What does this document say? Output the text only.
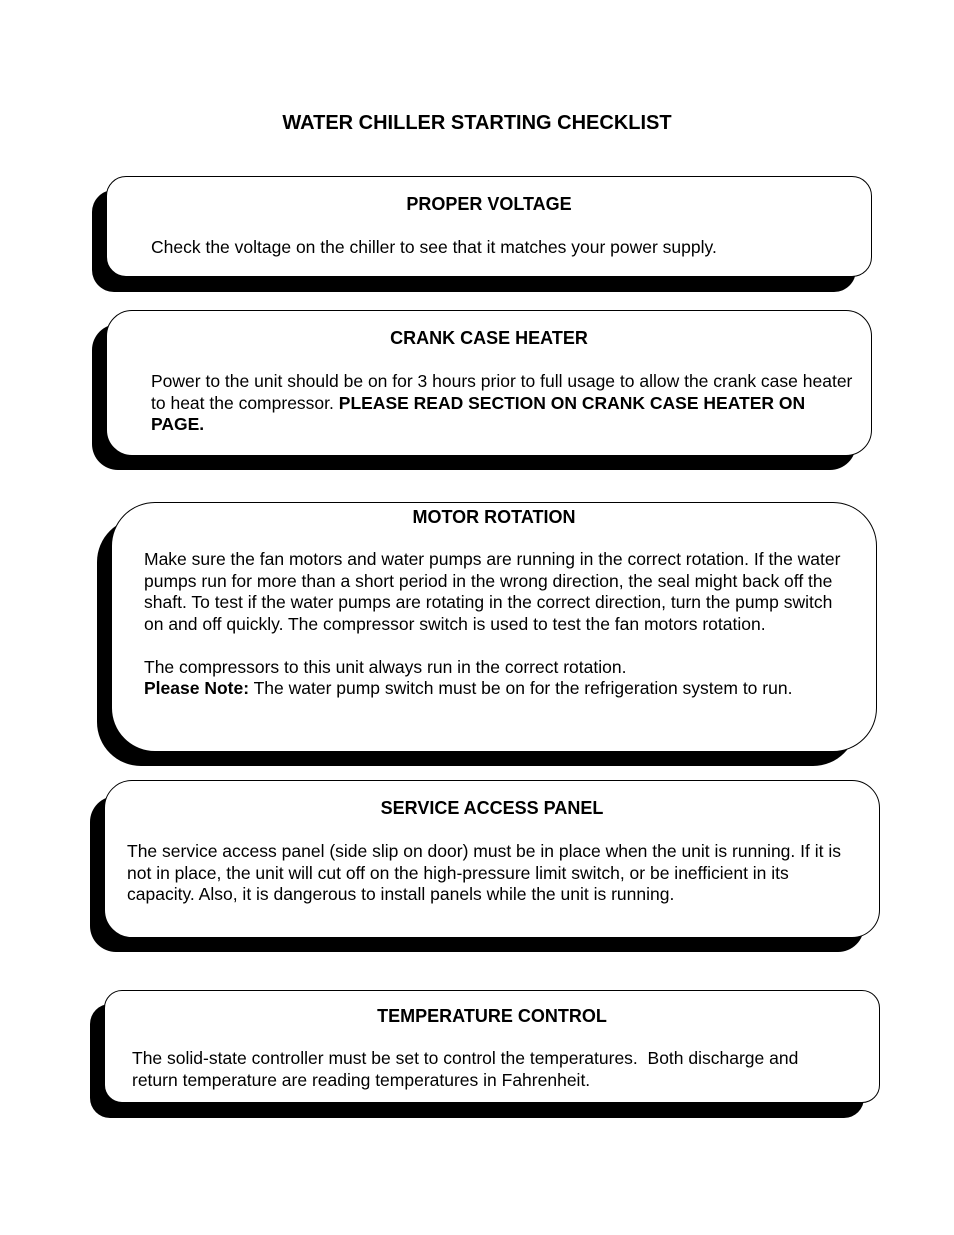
WATER CHILLER STARTING CHECKLIST
PROPER VOLTAGE

Check the voltage on the chiller to see that it matches your power supply.

CRANK CASE HEATER

Power to the unit should be on for 3 hours prior to full usage to allow the crank case heater to heat the compressor. PLEASE READ SECTION ON CRANK CASE HEATER ON PAGE.

MOTOR ROTATION

Make sure the fan motors and water pumps are running in the correct rotation. If the water pumps run for more than a short period in the wrong direction, the seal might back off the shaft. To test if the water pumps are rotating in the correct direction, turn the pump switch on and off quickly. The compressor switch is used to test the fan motors rotation.

The compressors to this unit always run in the correct rotation.
Please Note: The water pump switch must be on for the refrigeration system to run.

SERVICE ACCESS PANEL

The service access panel (side slip on door) must be in place when the unit is running. If it is not in place, the unit will cut off on the high-pressure limit switch, or be inefficient in its capacity. Also, it is dangerous to install panels while the unit is running.

TEMPERATURE CONTROL

The solid-state controller must be set to control the temperatures.  Both discharge and return temperature are reading temperatures in Fahrenheit.
